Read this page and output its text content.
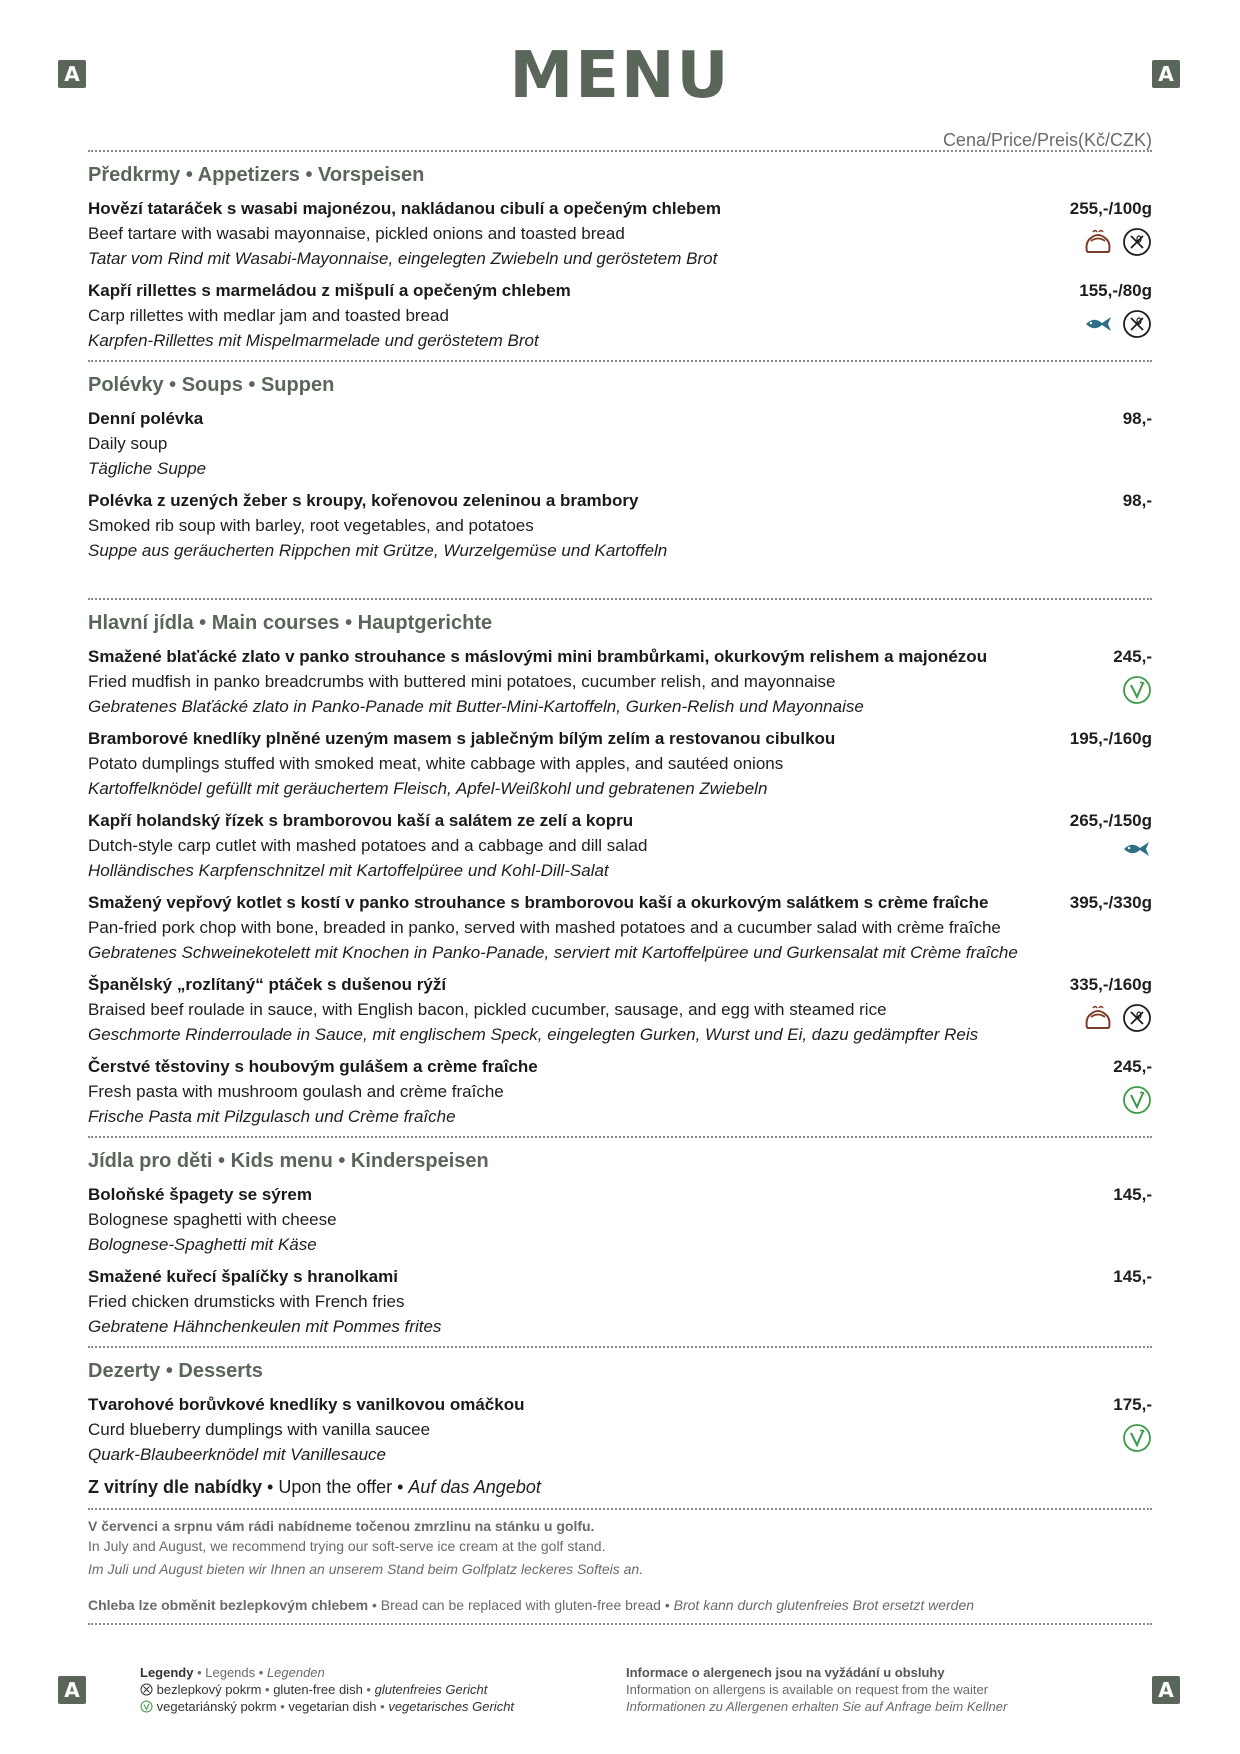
A	A
A	A
MENU
Cena/Price/Preis(Kč/CZK)
Předkrmy • Appetizers • Vorspeisen
Hovězí tataráček s wasabi majonézou, nakládanou cibulí a opečeným chlebem
Beef tartare with wasabi mayonnaise, pickled onions and toasted bread
Tatar vom Rind mit Wasabi-Mayonnaise, eingelegten Zwiebeln und geröstetem Brot
255,-/100g
Kapří rillettes s marmeládou z mišpulí a opečeným chlebem
Carp rillettes with medlar jam and toasted bread
Karpfen-Rillettes mit Mispelmarmelade und geröstetem Brot
155,-/80g
Polévky • Soups • Suppen
Denní polévka
Daily soup
Tägliche Suppe
98,-
Polévka z uzených žeber s kroupy, kořenovou zeleninou a brambory
Smoked rib soup with barley, root vegetables, and potatoes
Suppe aus geräucherten Rippchen mit Grütze, Wurzelgemüse und Kartoffeln
98,-
Hlavní jídla • Main courses • Hauptgerichte
Smažené blaťácké zlato v panko strouhance s máslovými mini brambůrkami, okurkovým relishem a majonézou
Fried mudfish in panko breadcrumbs with buttered mini potatoes, cucumber relish, and mayonnaise
Gebratenes Blaťácké zlato in Panko-Panade mit Butter-Mini-Kartoffeln, Gurken-Relish und Mayonnaise
245,-
Bramborové knedlíky plněné uzeným masem s jablečným bílým zelím a restovanou cibulkou
Potato dumplings stuffed with smoked meat, white cabbage with apples, and sautéed onions
Kartoffelknödel gefüllt mit geräuchertem Fleisch, Apfel-Weißkohl und gebratenen Zwiebeln
195,-/160g
Kapří holandský řízek s bramborovou kaší a salátem ze zelí a kopru
Dutch-style carp cutlet with mashed potatoes and a cabbage and dill salad
Holländisches Karpfenschnitzel mit Kartoffelpüree und Kohl-Dill-Salat
265,-/150g
Smažený vepřový kotlet s kostí v panko strouhance s bramborovou kaší a okurkovým salátkem s crème fraîche
Pan-fried pork chop with bone, breaded in panko, served with mashed potatoes and a cucumber salad with crème fraîche
Gebratenes Schweinekotelett mit Knochen in Panko-Panade, serviert mit Kartoffelpüree und Gurkensalat mit Crème fraîche
395,-/330g
Španělský „rozlítaný“ ptáček s dušenou rýží
Braised beef roulade in sauce, with English bacon, pickled cucumber, sausage, and egg with steamed rice
Geschmorte Rinderroulade in Sauce, mit englischem Speck, eingelegten Gurken, Wurst und Ei, dazu gedämpfter Reis
335,-/160g
Čerstvé těstoviny s houbovým gulášem a crème fraîche
Fresh pasta with mushroom goulash and crème fraîche
Frische Pasta mit Pilzgulasch und Crème fraîche
245,-
Jídla pro děti • Kids menu • Kinderspeisen
Boloňské špagety se sýrem
Bolognese spaghetti with cheese
Bolognese-Spaghetti mit Käse
145,-
Smažené kuřecí špalíčky s hranolkami
Fried chicken drumsticks with French fries
Gebratene Hähnchenkeulen mit Pommes frites
145,-
Dezerty • Desserts
Tvarohové borůvkové knedlíky s vanilkovou omáčkou
Curd blueberry dumplings with vanilla saucee
Quark-Blaubeerknödel mit Vanillesauce
175,-
Z vitríny dle nabídky • Upon the offer • Auf das Angebot
V červenci a srpnu vám rádi nabídneme točenou zmrzlinu na stánku u golfu.
In July and August, we recommend trying our soft-serve ice cream at the golf stand.
Im Juli und August bieten wir Ihnen an unserem Stand beim Golfplatz leckeres Softeis an.
Chleba lze obměnit bezlepkovým chlebem • Bread can be replaced with gluten-free bread • Brot kann durch glutenfreies Brot ersetzt werden
Legendy • Legends • Legenden
bezlepkový pokrm • gluten-free dish • glutenfreies Gericht
vegetariánský pokrm • vegetarian dish • vegetarisches Gericht
Informace o alergenech jsou na vyžádání u obsluhy
Information on allergens is available on request from the waiter
Informationen zu Allergenen erhalten Sie auf Anfrage beim Kellner
